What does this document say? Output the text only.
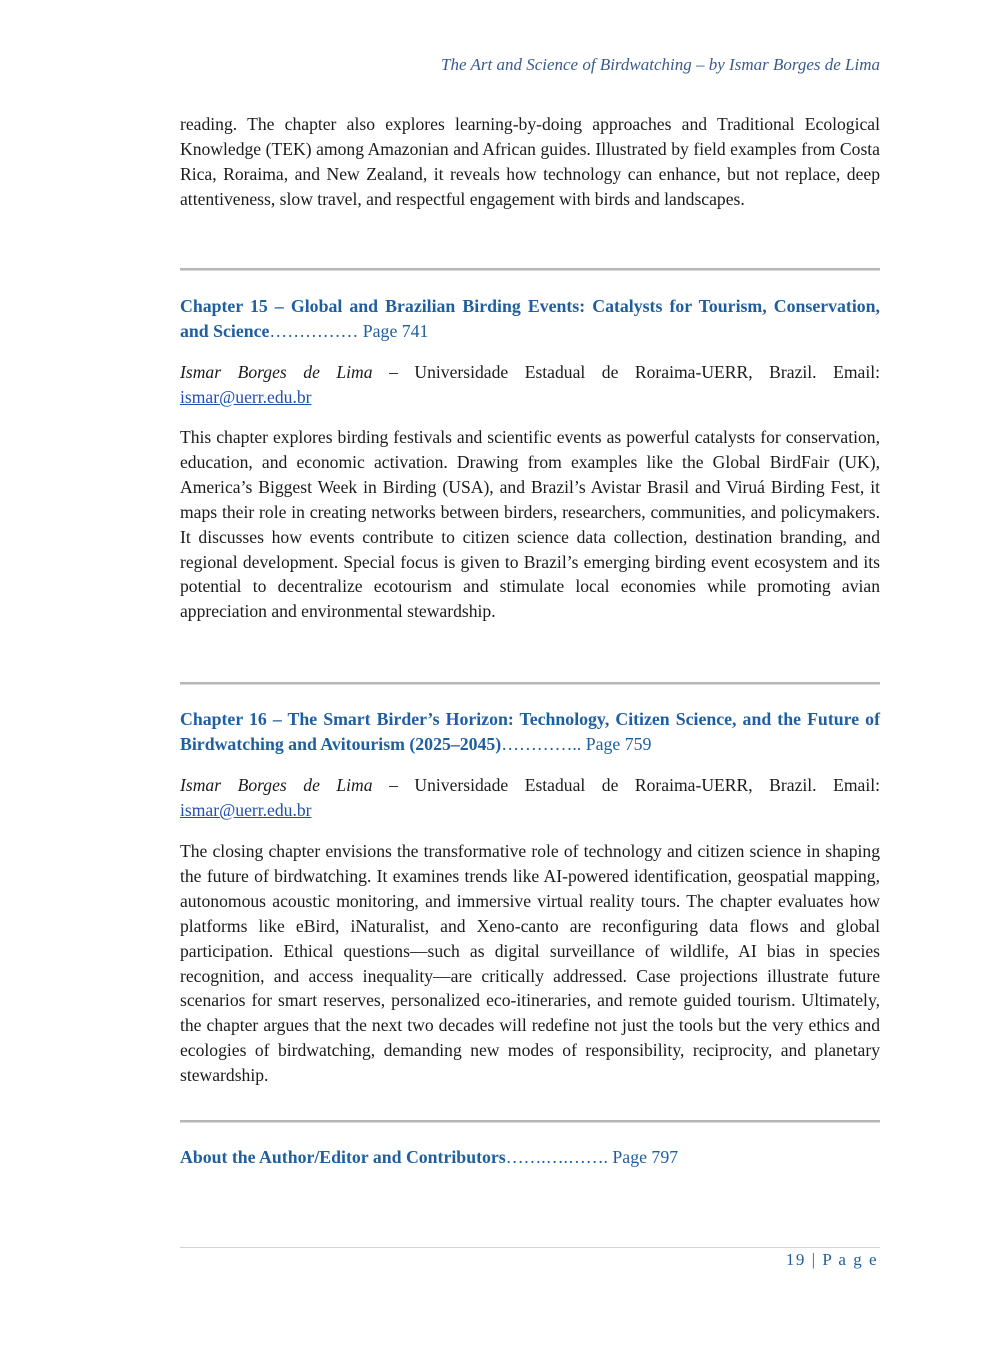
The Art and Science of Birdwatching – by Ismar Borges de Lima

reading. The chapter also explores learning-by-doing approaches and Traditional Ecological Knowledge (TEK) among Amazonian and African guides. Illustrated by field examples from Costa Rica, Roraima, and New Zealand, it reveals how technology can enhance, but not replace, deep attentiveness, slow travel, and respectful engagement with birds and landscapes.

Chapter 15 – Global and Brazilian Birding Events: Catalysts for Tourism, Conservation, and Science…………… Page 741

Ismar Borges de Lima – Universidade Estadual de Roraima-UERR, Brazil. Email: ismar@uerr.edu.br

This chapter explores birding festivals and scientific events as powerful catalysts for conservation, education, and economic activation. Drawing from examples like the Global BirdFair (UK), America’s Biggest Week in Birding (USA), and Brazil’s Avistar Brasil and Viruá Birding Fest, it maps their role in creating networks between birders, researchers, communities, and policymakers. It discusses how events contribute to citizen science data collection, destination branding, and regional development. Special focus is given to Brazil’s emerging birding event ecosystem and its potential to decentralize ecotourism and stimulate local economies while promoting avian appreciation and environmental stewardship.

Chapter 16 – The Smart Birder’s Horizon: Technology, Citizen Science, and the Future of Birdwatching and Avitourism (2025–2045)………….. Page 759

Ismar Borges de Lima – Universidade Estadual de Roraima-UERR, Brazil. Email: ismar@uerr.edu.br

The closing chapter envisions the transformative role of technology and citizen science in shaping the future of birdwatching. It examines trends like AI-powered identification, geospatial mapping, autonomous acoustic monitoring, and immersive virtual reality tours. The chapter evaluates how platforms like eBird, iNaturalist, and Xeno-canto are reconfiguring data flows and global participation. Ethical questions—such as digital surveillance of wildlife, AI bias in species recognition, and access inequality—are critically addressed. Case projections illustrate future scenarios for smart reserves, personalized eco-itineraries, and remote guided tourism. Ultimately, the chapter argues that the next two decades will redefine not just the tools but the very ethics and ecologies of birdwatching, demanding new modes of responsibility, reciprocity, and planetary stewardship.

About the Author/Editor and Contributors…….….……. Page 797

19 | P a g e
